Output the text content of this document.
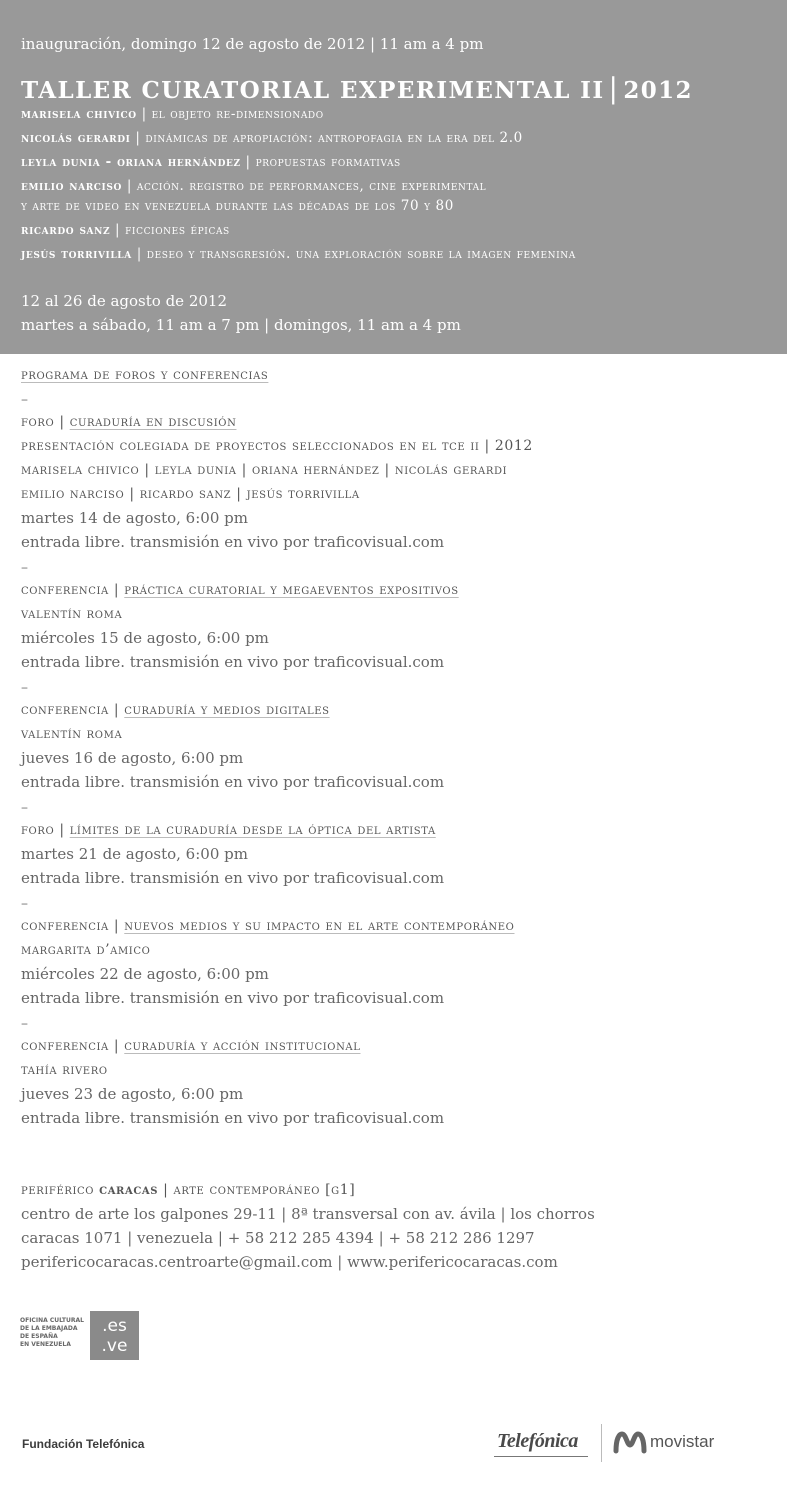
inauguración, domingo 12 de agosto de 2012 | 11 am a 4 pm
TALLER CURATORIAL EXPERIMENTAL II | 2012
marisela chivico | el objeto re-dimensionado
nicolás gerardi | dinámicas de apropiación: antropofagia en la era del 2.0
leyla dunia - oriana hernández | propuestas formativas
emilio narciso | acción. registro de performances, cine experimental
y arte de video en venezuela durante las décadas de los 70 y 80
ricardo sanz | ficciones épicas
jesús torrivilla | deseo y transgresión. una exploración sobre la imagen femenina
12 al 26 de agosto de 2012
martes a sábado, 11 am a 7 pm | domingos, 11 am a 4 pm
programa de foros y conferencias
–
foro | curaduría en discusión
presentación colegiada de proyectos seleccionados en el tce ii | 2012
marisela chivico | leyla dunia | oriana hernández | nicolás gerardi
emilio narciso | ricardo sanz | jesús torrivilla
martes 14 de agosto, 6:00 pm
entrada libre. transmisión en vivo por traficovisual.com
–
conferencia | práctica curatorial y megaeventos expositivos
valentín roma
miércoles 15 de agosto, 6:00 pm
entrada libre. transmisión en vivo por traficovisual.com
–
conferencia | curaduría y medios digitales
valentín roma
jueves 16 de agosto, 6:00 pm
entrada libre. transmisión en vivo por traficovisual.com
–
foro | límites de la curaduría desde la óptica del artista
martes 21 de agosto, 6:00 pm
entrada libre. transmisión en vivo por traficovisual.com
–
conferencia | nuevos medios y su impacto en el arte contemporáneo
margarita d’amico
miércoles 22 de agosto, 6:00 pm
entrada libre. transmisión en vivo por traficovisual.com
–
conferencia | curaduría y acción institucional
tahía rivero
jueves 23 de agosto, 6:00 pm
entrada libre. transmisión en vivo por traficovisual.com
periférico caracas | arte contemporáneo [g1]
centro de arte los galpones 29-11 | 8ª transversal con av. ávila | los chorros
caracas 1071 | venezuela | + 58 212 285 4394 | + 58 212 286 1297
perifericocaracas.centroarte@gmail.com | www.perifericocaracas.com
OFICINA CULTURAL
DE LA EMBAJADA
DE ESPAÑA
EN VENEZUELA
.es
.ve
Fundación Telefónica	Telefónica	movistar
